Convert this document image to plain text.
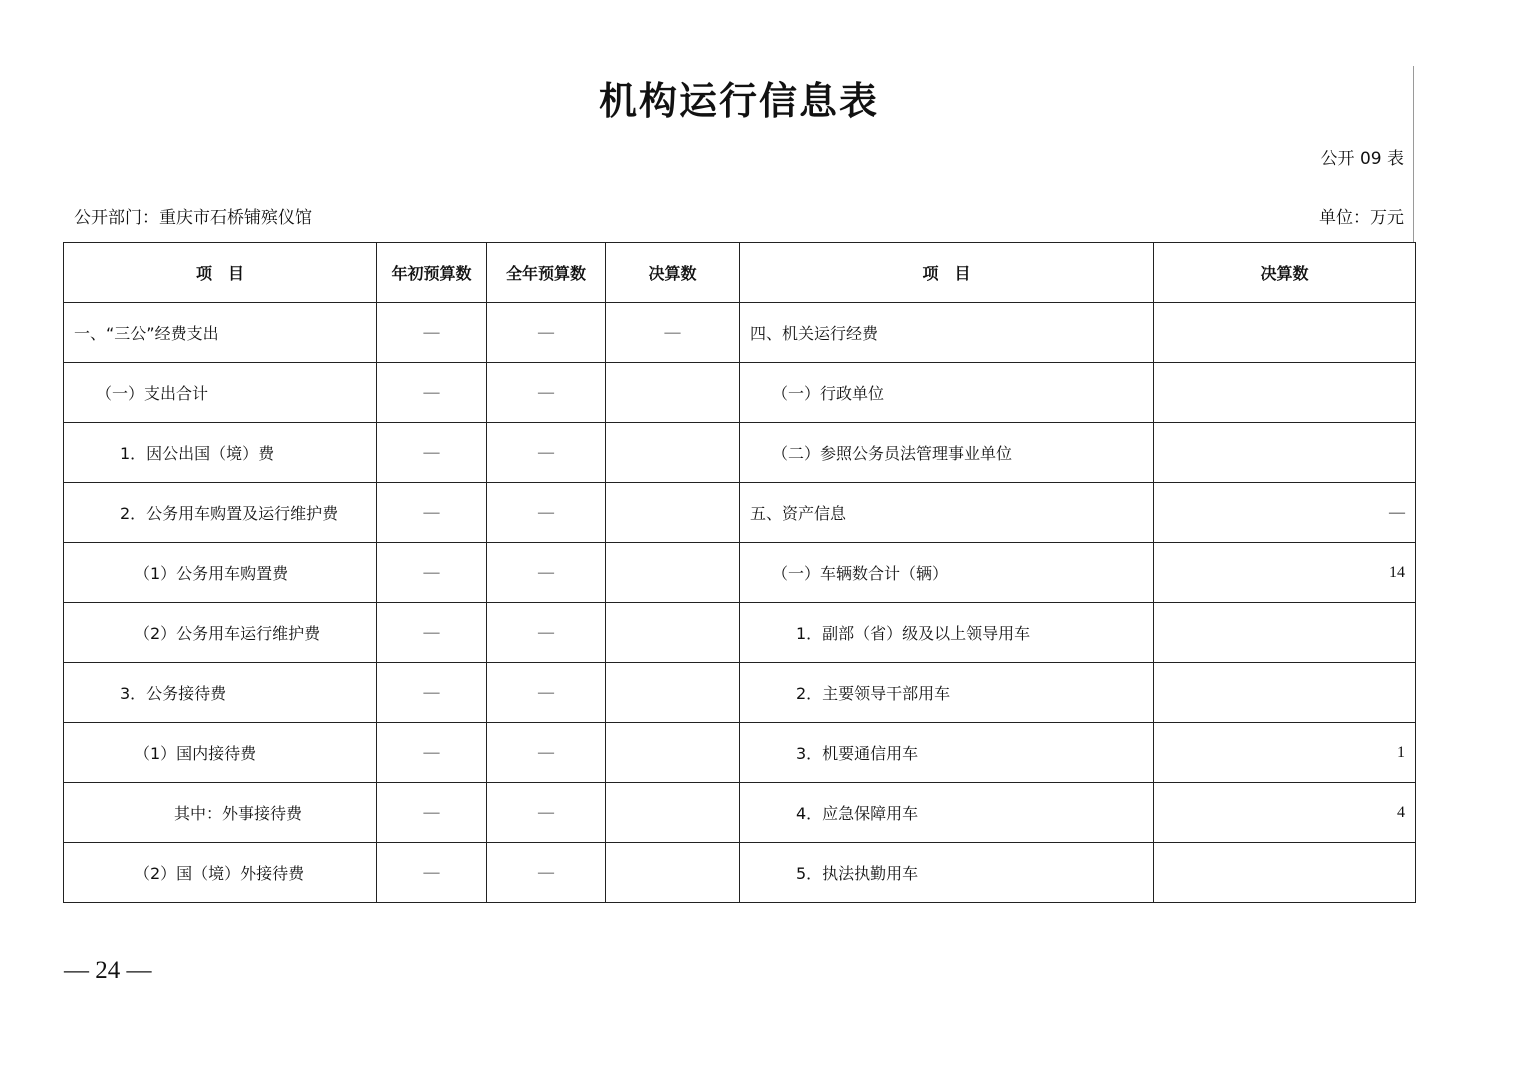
机构运行信息表
公开 09 表
公开部门：重庆市石桥铺殡仪馆	单位：万元
项　目	年初预算数	全年预算数	决算数	项　目	决算数
一、“三公”经费支出	—	—	—	四、机关运行经费	
（一）支出合计	—	—		（一）行政单位	
1．因公出国（境）费	—	—		（二）参照公务员法管理事业单位	
2．公务用车购置及运行维护费	—	—		五、资产信息	—
（1）公务用车购置费	—	—		（一）车辆数合计（辆）	14
（2）公务用车运行维护费	—	—		1．副部（省）级及以上领导用车	
3．公务接待费	—	—		2．主要领导干部用车	
（1）国内接待费	—	—		3．机要通信用车	1
其中：外事接待费	—	—		4．应急保障用车	4
（2）国（境）外接待费	—	—		5．执法执勤用车	
— 24 —
